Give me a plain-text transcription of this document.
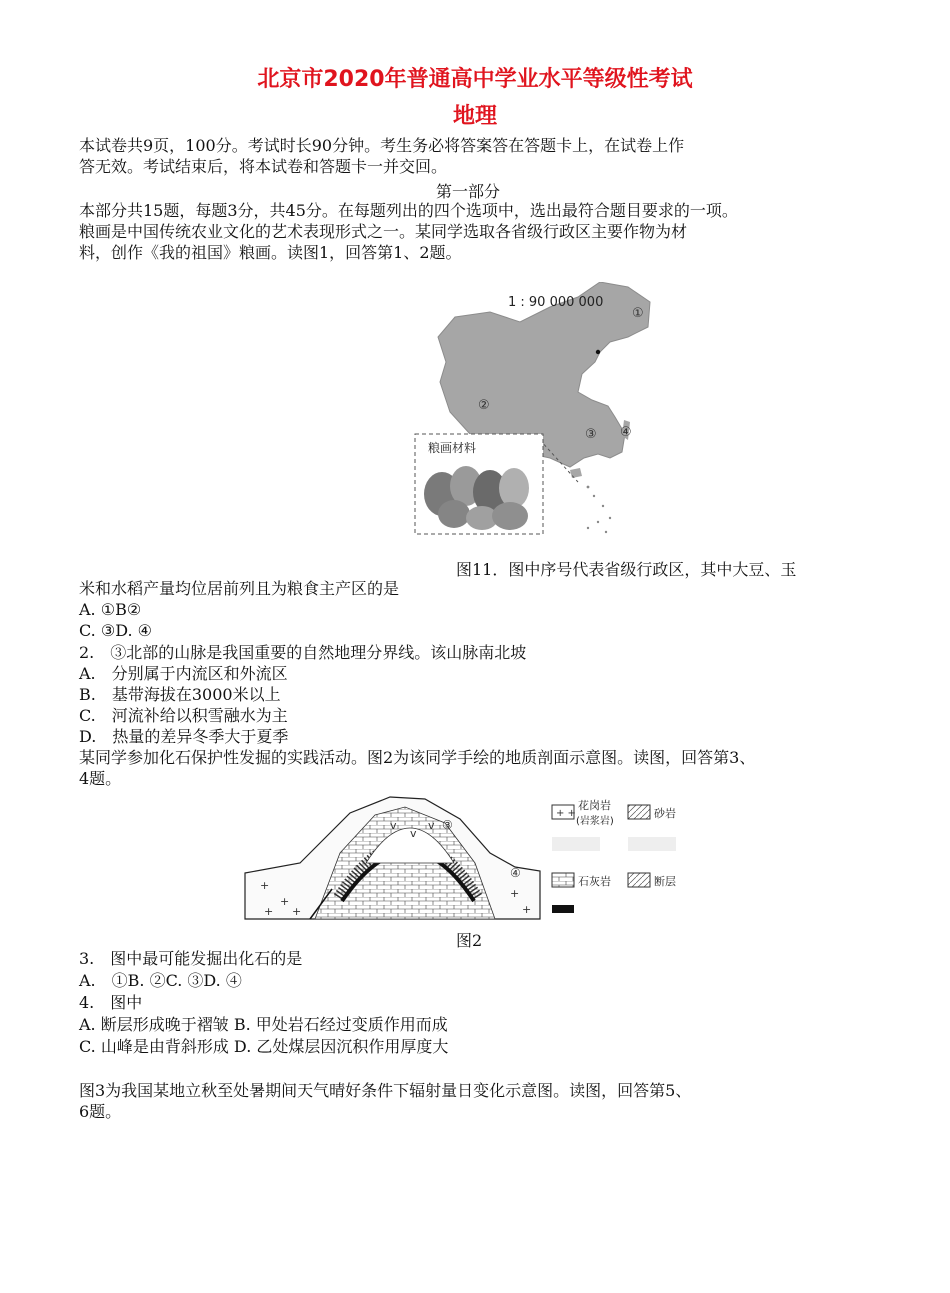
北京市2020年普通高中学业水平等级性考试
地理
本试卷共9页，100分。考试时长90分钟。考生务必将答案答在答题卡上，在试卷上作
答无效。考试结束后，将本试卷和答题卡一并交回。
第一部分
本部分共15题，每题3分，共45分。在每题列出的四个选项中，选出最符合题目要求的一项。
粮画是中国传统农业文化的艺术表现形式之一。某同学选取各省级行政区主要作物为材
料，创作《我的祖国》粮画。读图1，回答第1、2题。
1 : 90 000 000
①
②
③ ④
粮画材料
图11．图中序号代表省级行政区，其中大豆、玉
米和水稻产量均位居前列且为粮食主产区的是
A. ①B②
C. ③D. ④
2.　③北部的山脉是我国重要的自然地理分界线。该山脉南北坡
A.　分别属于内流区和外流区
B.　基带海拔在3000米以上
C.　河流补给以积雪融水为主
D.　热量的差异冬季大于夏季
某同学参加化石保护性发掘的实践活动。图2为该同学手绘的地质剖面示意图。读图，回答第3、
4题。
+
+
+ +
+
+
v
v
v ③
④
+ +
花岗岩
(岩浆岩)
砂岩
石灰岩	断层
图2
3.　图中最可能发掘出化石的是
A.　①B. ②C. ③D. ④
4.　图中
A. 断层形成晚于褶皱 B. 甲处岩石经过变质作用而成
C. 山峰是由背斜形成 D. 乙处煤层因沉积作用厚度大
图3为我国某地立秋至处暑期间天气晴好条件下辐射量日变化示意图。读图，回答第5、
6题。
